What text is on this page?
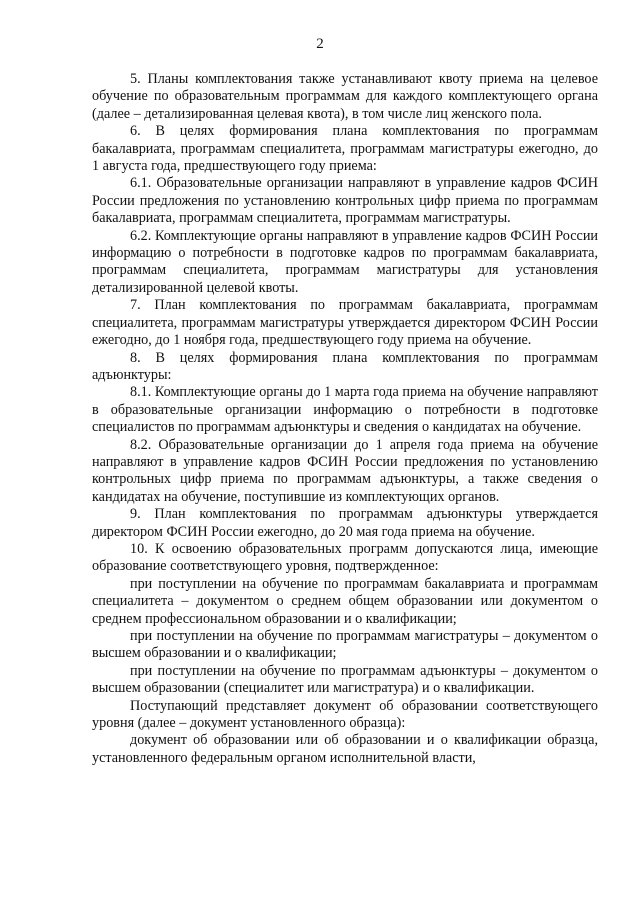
2

5. Планы комплектования также устанавливают квоту приема на целевое обучение по образовательным программам для каждого комплектующего органа (далее – детализированная целевая квота), в том числе лиц женского пола.

6. В целях формирования плана комплектования по программам бакалавриата, программам специалитета, программам магистратуры ежегодно, до 1 августа года, предшествующего году приема:

6.1. Образовательные организации направляют в управление кадров ФСИН России предложения по установлению контрольных цифр приема по программам бакалавриата, программам специалитета, программам магистратуры.

6.2. Комплектующие органы направляют в управление кадров ФСИН России информацию о потребности в подготовке кадров по программам бакалавриата, программам специалитета, программам магистратуры для установления детализированной целевой квоты.

7. План комплектования по программам бакалавриата, программам специалитета, программам магистратуры утверждается директором ФСИН России ежегодно, до 1 ноября года, предшествующего году приема на обучение.

8. В целях формирования плана комплектования по программам адъюнктуры:

8.1. Комплектующие органы до 1 марта года приема на обучение направляют в образовательные организации информацию о потребности в подготовке специалистов по программам адъюнктуры и сведения о кандидатах на обучение.

8.2. Образовательные организации до 1 апреля года приема на обучение направляют в управление кадров ФСИН России предложения по установлению контрольных цифр приема по программам адъюнктуры, а также сведения о кандидатах на обучение, поступившие из комплектующих органов.

9. План комплектования по программам адъюнктуры утверждается директором ФСИН России ежегодно, до 20 мая года приема на обучение.

10. К освоению образовательных программ допускаются лица, имеющие образование соответствующего уровня, подтвержденное:

при поступлении на обучение по программам бакалавриата и программам специалитета – документом о среднем общем образовании или документом о среднем профессиональном образовании и о квалификации;

при поступлении на обучение по программам магистратуры – документом о высшем образовании и о квалификации;

при поступлении на обучение по программам адъюнктуры – документом о высшем образовании (специалитет или магистратура) и о квалификации.

Поступающий представляет документ об образовании соответствующего уровня (далее – документ установленного образца):

документ об образовании или об образовании и о квалификации образца, установленного федеральным органом исполнительной власти,
